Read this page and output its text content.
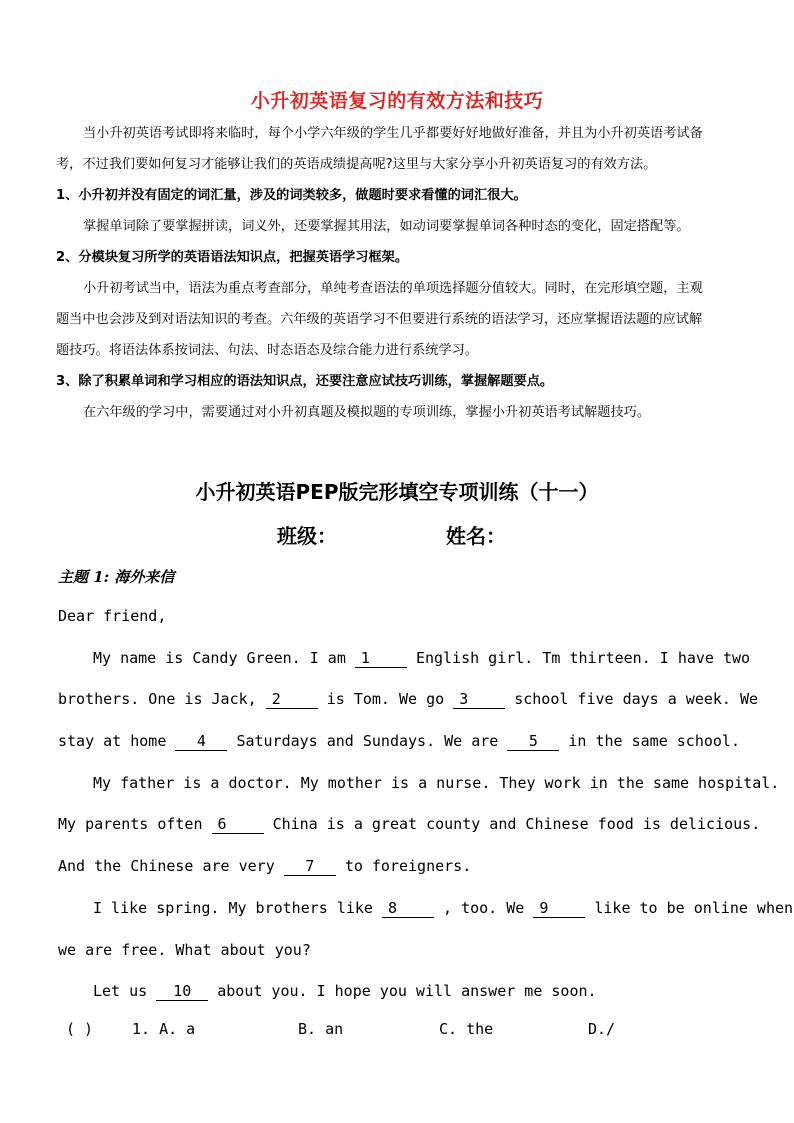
小升初英语复习的有效方法和技巧

当小升初英语考试即将来临时，每个小学六年级的学生几乎都要好好地做好准备，并且为小升初英语考试备

考，不过我们要如何复习才能够让我们的英语成绩提高呢?这里与大家分享小升初英语复习的有效方法。

1、小升初并没有固定的词汇量，涉及的词类较多，做题时要求看懂的词汇很大。

掌握单词除了要掌握拼读，词义外，还要掌握其用法，如动词要掌握单词各种时态的变化，固定搭配等。

2、分模块复习所学的英语语法知识点，把握英语学习框架。

小升初考试当中，语法为重点考查部分，单纯考查语法的单项选择题分值较大。同时，在完形填空题，主观

题当中也会涉及到对语法知识的考查。六年级的英语学习不但要进行系统的语法学习，还应掌握语法题的应试解

题技巧。将语法体系按词法、句法、时态语态及综合能力进行系统学习。

3、除了积累单词和学习相应的语法知识点，还要注意应试技巧训练，掌握解题要点。

在六年级的学习中，需要通过对小升初真题及模拟题的专项训练，掌握小升初英语考试解题技巧。

小升初英语PEP版完形填空专项训练（十一）
班级：	姓名：
主题 1: 海外来信
Dear friend,
My name is Candy Green. I am 1	English girl. Tm thirteen. I have two
brothers. One is Jack, 2	is Tom. We go 3	school five days a week. We
stay at home 4 Saturdays and Sundays. We are 5 in the same school.
My father is a doctor. My mother is a nurse. They work in the same hospital.
My parents often 6	China is a great county and Chinese food is delicious.
And the Chinese are very 7 to foreigners.
I like spring. My brothers like 8	, too. We 9	like to be online when
we are free. What about you?
Let us 10 about you. I hope you will answer me soon.
( )	1. A. a	B. an	C. the	D./
